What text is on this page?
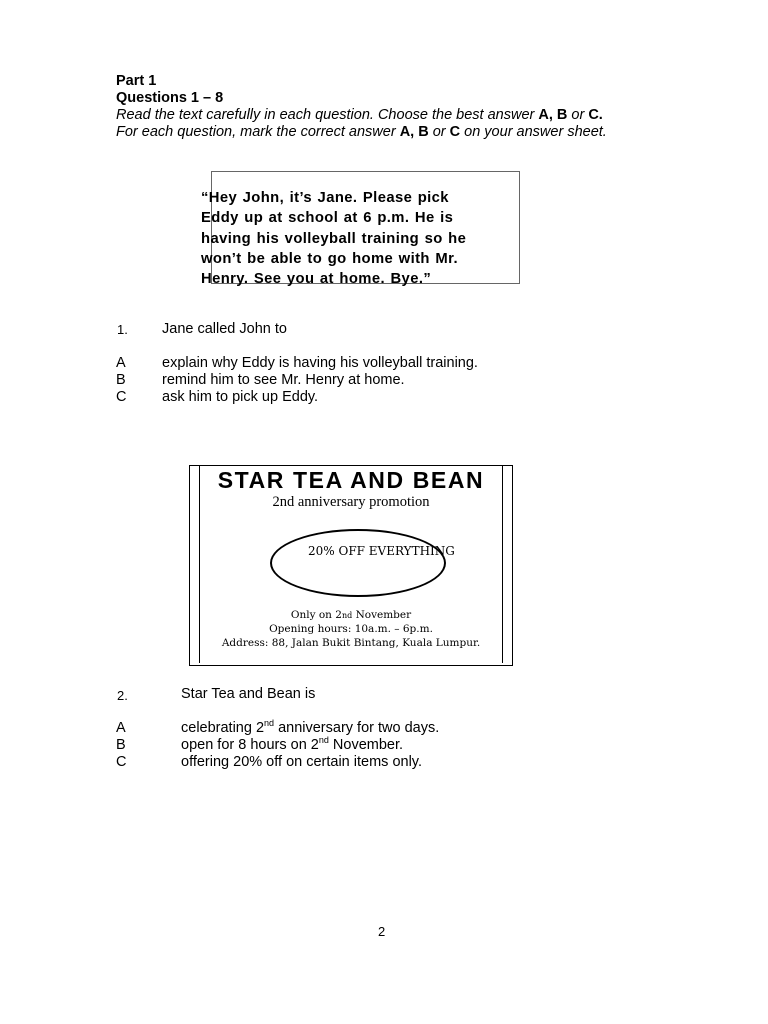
Part 1
Questions 1 – 8
Read the text carefully in each question. Choose the best answer A, B or C.
For each question, mark the correct answer A, B or C on your answer sheet.
“Hey John, it’s Jane. Please pick
Eddy up at school at 6 p.m. He is
having his volleyball training so he
won’t be able to go home with Mr.
Henry. See you at home. Bye.”
1. Jane called John to
A	explain why Eddy is having his volleyball training.
B	remind him to see Mr. Henry at home.
C ask him to pick up Eddy.
STAR TEA AND BEAN
2nd anniversary promotion
20% OFF EVERYTHING
Only on 2nd November
Opening hours: 10a.m. – 6p.m.
Address: 88, Jalan Bukit Bintang, Kuala Lumpur.
2.	Star Tea and Bean is
A	celebrating 2nd anniversary for two days.
B	open for 8 hours on 2nd November.
C	offering 20% off on certain items only.
2
